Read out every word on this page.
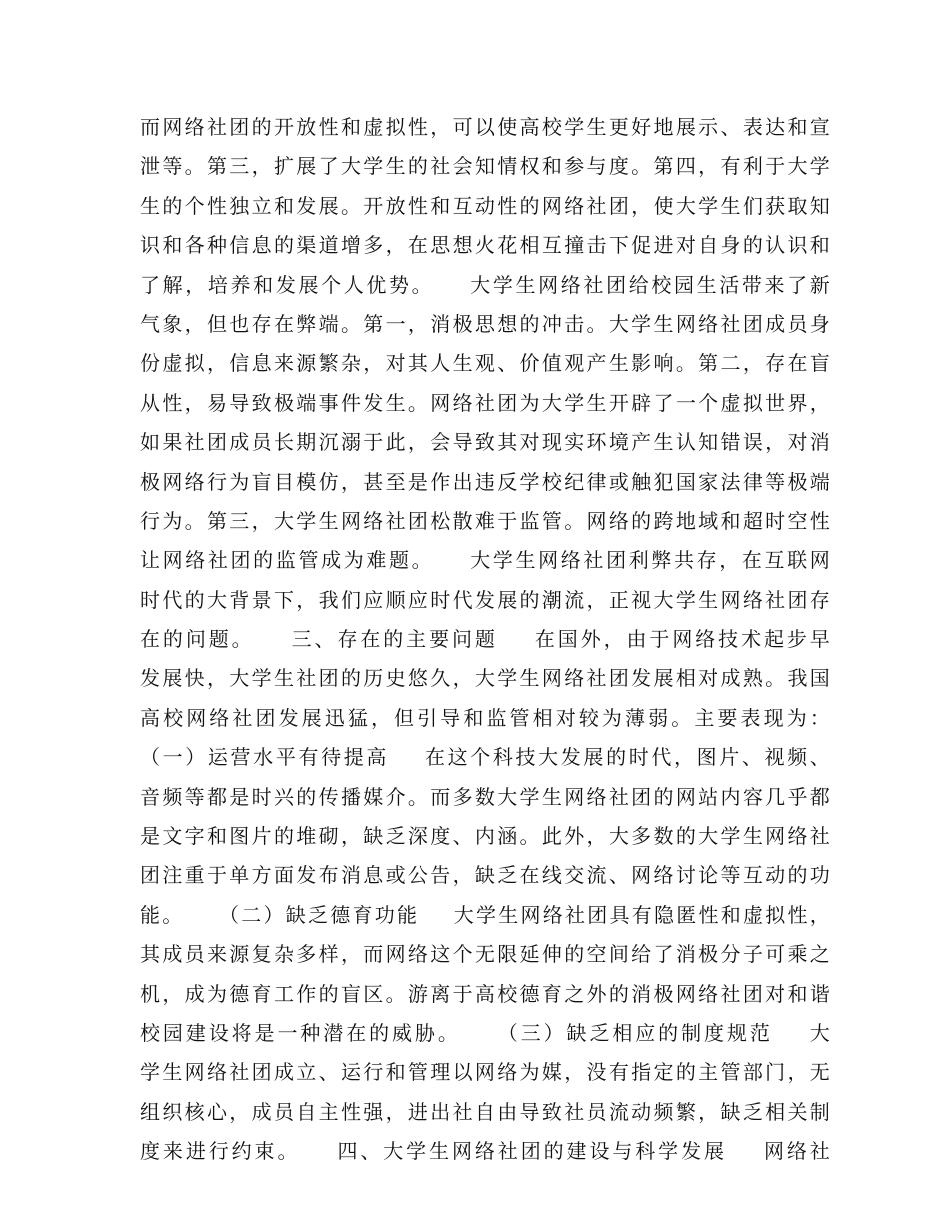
而网络社团的开放性和虚拟性，可以使高校学生更好地展示、表达和宣
泄等。第三，扩展了大学生的社会知情权和参与度。第四，有利于大学
生的个性独立和发展。开放性和互动性的网络社团，使大学生们获取知
识和各种信息的渠道增多，在思想火花相互撞击下促进对自身的认识和
了解，培养和发展个人优势。    大学生网络社团给校园生活带来了新
气象，但也存在弊端。第一，消极思想的冲击。大学生网络社团成员身
份虚拟，信息来源繁杂，对其人生观、价值观产生影响。第二，存在盲
从性，易导致极端事件发生。网络社团为大学生开辟了一个虚拟世界，
如果社团成员长期沉溺于此，会导致其对现实环境产生认知错误，对消
极网络行为盲目模仿，甚至是作出违反学校纪律或触犯国家法律等极端
行为。第三，大学生网络社团松散难于监管。网络的跨地域和超时空性
让网络社团的监管成为难题。    大学生网络社团利弊共存，在互联网
时代的大背景下，我们应顺应时代发展的潮流，正视大学生网络社团存
在的问题。    三、存在的主要问题    在国外，由于网络技术起步早
发展快，大学生社团的历史悠久，大学生网络社团发展相对成熟。我国
高校网络社团发展迅猛，但引导和监管相对较为薄弱。主要表现为：
（一）运营水平有待提高    在这个科技大发展的时代，图片、视频、
音频等都是时兴的传播媒介。而多数大学生网络社团的网站内容几乎都
是文字和图片的堆砌，缺乏深度、内涵。此外，大多数的大学生网络社
团注重于单方面发布消息或公告，缺乏在线交流、网络讨论等互动的功
能。    （二）缺乏德育功能    大学生网络社团具有隐匿性和虚拟性，
其成员来源复杂多样，而网络这个无限延伸的空间给了消极分子可乘之
机，成为德育工作的盲区。游离于高校德育之外的消极网络社团对和谐
校园建设将是一种潜在的威胁。    （三）缺乏相应的制度规范    大
学生网络社团成立、运行和管理以网络为媒，没有指定的主管部门，无
组织核心，成员自主性强，进出社自由导致社员流动频繁，缺乏相关制
度来进行约束。    四、大学生网络社团的建设与科学发展    网络社
